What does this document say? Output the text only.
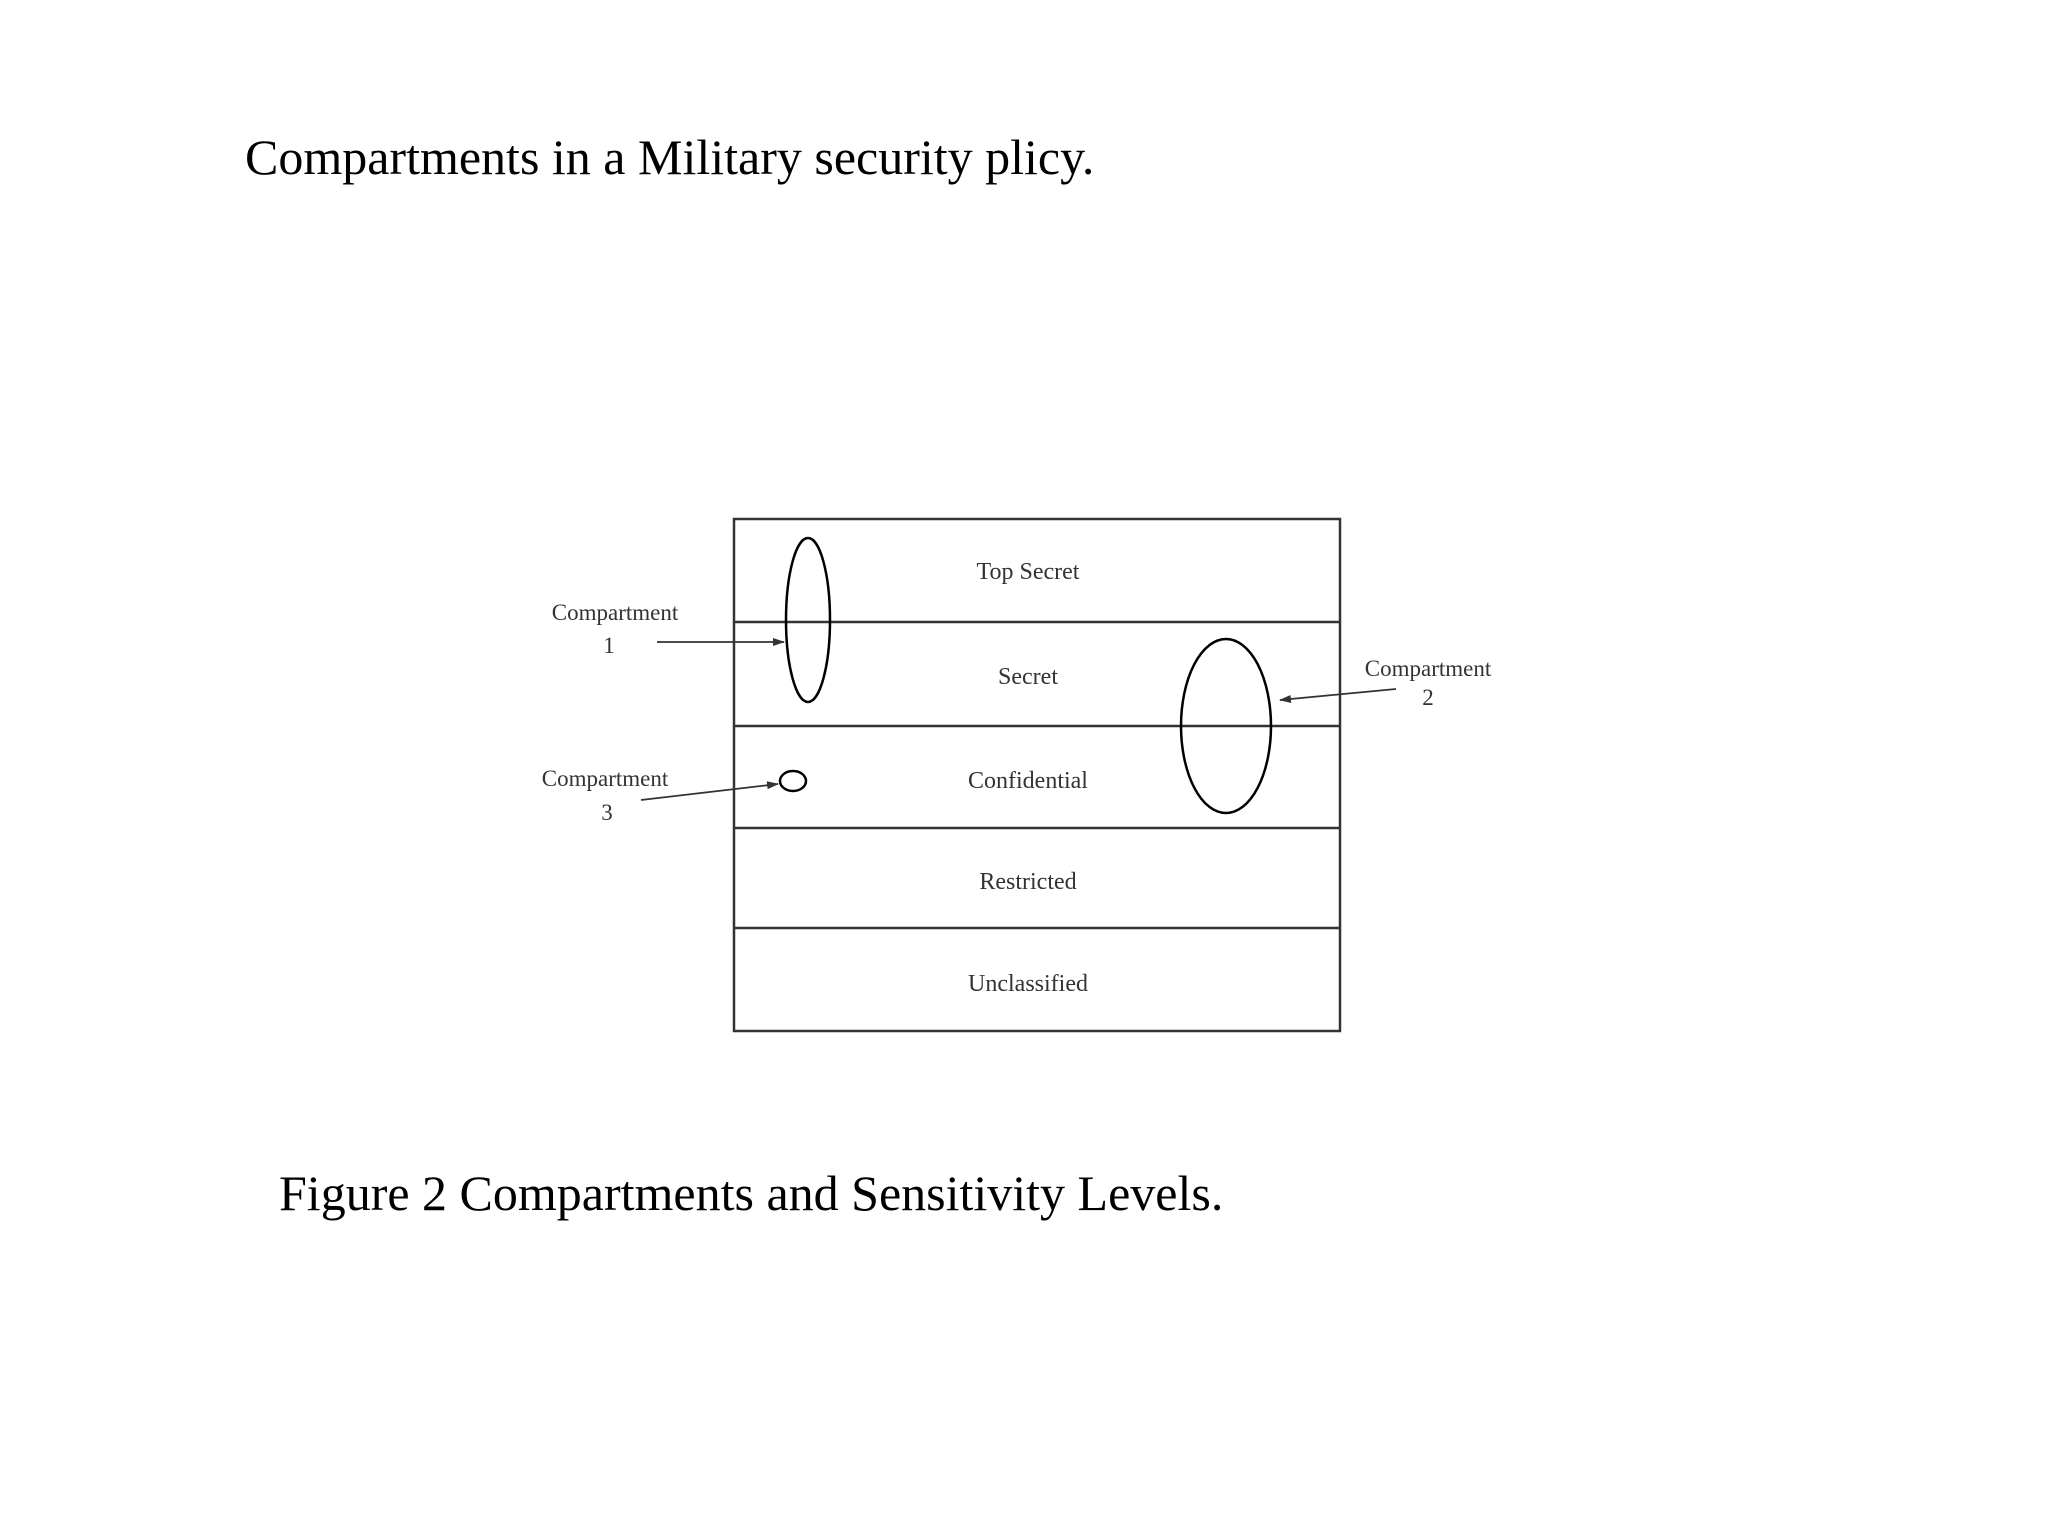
Compartments in a Military security plicy.
Top Secret
Secret
Confidential
Restricted
Unclassified
Compartment
1
Compartment
2
Compartment
3
Figure 2 Compartments and Sensitivity Levels.
